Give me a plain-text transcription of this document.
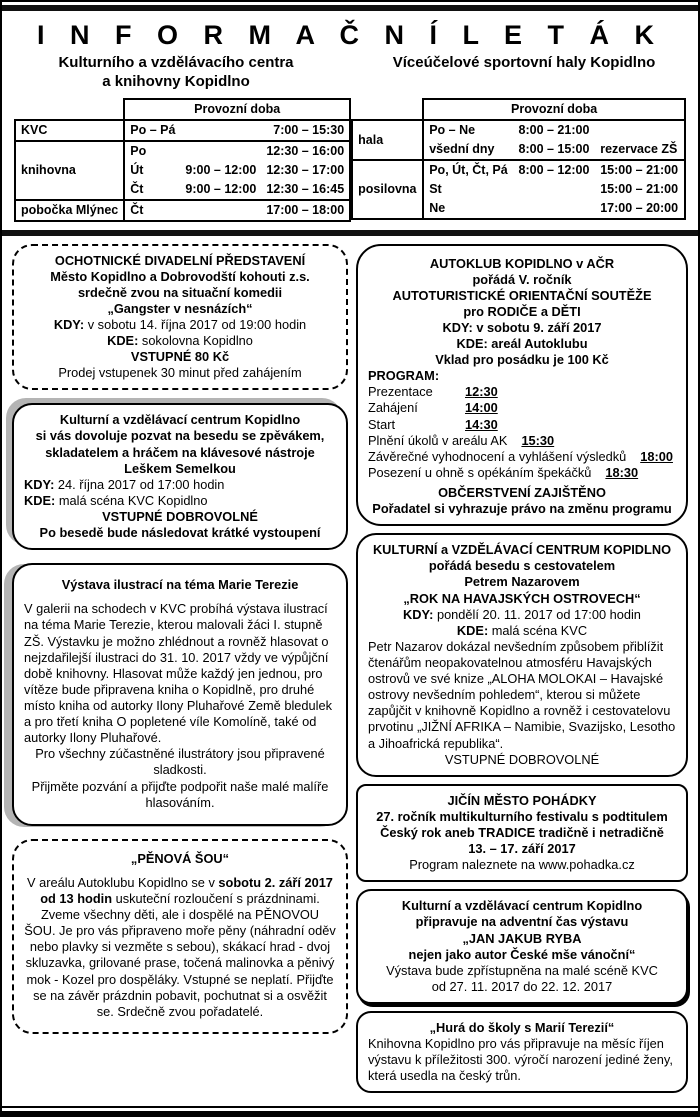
I N F O R M A Č N Í L E T Á K
Kulturního a vzdělávacího centra
a knihovny Kopidlno
Víceúčelové sportovní haly Kopidlno
	Provozní doba		
KVC	Po – Pá		7:00 – 15:30
knihovna	Po		12:30 – 16:00
	Út	9:00 – 12:00	12:30 – 17:00
	Čt	9:00 – 12:00	12:30 – 16:45
pobočka Mlýnec	Čt		17:00 – 18:00
	Provozní doba		
hala	Po – Ne	8:00 – 21:00	
	všední dny	8:00 – 15:00	rezervace ZŠ
posilovna	Po, Út, Čt, Pá	8:00 – 12:00	15:00 – 21:00
	St		15:00 – 21:00
	Ne		17:00 – 20:00
OCHOTNICKÉ DIVADELNÍ PŘEDSTAVENÍ
Město Kopidlno a Dobrovodští kohouti z.s.
srdečně zvou na situační komedii
„Gangster v nesnázích“
KDY: v sobotu 14. října 2017 od 19:00 hodin
KDE: sokolovna Kopidlno
VSTUPNÉ 80 Kč
Prodej vstupenek 30 minut před zahájením
Kulturní a vzdělávací centrum Kopidlno
si vás dovoluje pozvat na besedu se zpěvákem,
skladatelem a hráčem na klávesové nástroje
Leškem Semelkou
KDY: 24. října 2017 od 17:00 hodin
KDE: malá scéna KVC Kopidlno
VSTUPNÉ DOBROVOLNÉ
Po besedě bude následovat krátké vystoupení
Výstava ilustrací na téma Marie Terezie
V galerii na schodech v KVC probíhá výstava ilustrací na téma Marie Terezie, kterou malovali žáci I. stupně ZŠ. Výstavku je možno zhlédnout a rovněž hlasovat o nejzdařilejší ilustraci do 31. 10. 2017 vždy ve výpůjční době knihovny. Hlasovat může každý jen jednou, pro vítěze bude připravena kniha o Kopidlně, pro druhé místo kniha od autorky Ilony Pluhařové Země bledulek a pro třetí kniha O popletené víle Komolíně, také od autorky Ilony Pluhařové.
Pro všechny zúčastněné ilustrátory jsou připravené sladkosti.
Přijměte pozvání a přijďte podpořit naše malé malíře hlasováním.
„PĚNOVÁ ŠOU“
V areálu Autoklubu Kopidlno se v sobotu 2. září 2017 od 13 hodin uskuteční rozloučení s prázdninami. Zveme všechny děti, ale i dospělé na PĚNOVOU ŠOU. Je pro vás připraveno moře pěny (náhradní oděv nebo plavky si vezměte s sebou), skákací hrad - dvoj skluzavka, grilované prase, točená malinovka a pěnivý mok - Kozel pro dospěláky. Vstupné se neplatí. Přijďte se na závěr prázdnin pobavit, pochutnat si a osvěžit se. Srdečně zvou pořadatelé.
AUTOKLUB KOPIDLNO v AČR
pořádá V. ročník
AUTOTURISTICKÉ ORIENTAČNÍ SOUTĚŽE
pro RODIČE a DĚTI
KDY: v sobotu 9. září 2017
KDE: areál Autoklubu
Vklad pro posádku je 100 Kč
PROGRAM:
Prezentace	12:30
Zahájení	14:00
Start	14:30
Plnění úkolů v areálu AK 15:30
Závěrečné vyhodnocení a vyhlášení výsledků 18:00
Posezení u ohně s opékáním špekáčků 18:30
OBČERSTVENÍ ZAJIŠTĚNO
Pořadatel si vyhrazuje právo na změnu programu
KULTURNÍ a VZDĚLÁVACÍ CENTRUM KOPIDLNO
pořádá besedu s cestovatelem
Petrem Nazarovem
„ROK NA HAVAJSKÝCH OSTROVECH“
KDY: pondělí 20. 11. 2017 od 17:00 hodin
KDE: malá scéna KVC
Petr Nazarov dokázal nevšedním způsobem přiblížit čtenářům neopakovatelnou atmosféru Havajských ostrovů ve své knize „ALOHA MOLOKAI – Havajské ostrovy nevšedním pohledem“, kterou si můžete zapůjčit v knihovně Kopidlno a rovněž i cestovatelovu prvotinu „JIŽNÍ AFRIKA – Namibie, Svazijsko, Lesotho a Jihoafrická republika“.
VSTUPNÉ DOBROVOLNÉ
JIČÍN MĚSTO POHÁDKY
27. ročník multikulturního festivalu s podtitulem
Český rok aneb TRADICE tradičně i netradičně
13. – 17. září 2017
Program naleznete na www.pohadka.cz
Kulturní a vzdělávací centrum Kopidlno
připravuje na adventní čas výstavu
„JAN JAKUB RYBA
nejen jako autor České mše vánoční“
Výstava bude zpřístupněna na malé scéně KVC
od 27. 11. 2017 do 22. 12. 2017
„Hurá do školy s Marií Terezií“
Knihovna Kopidlno pro vás připravuje na měsíc říjen výstavu k příležitosti 300. výročí narození jediné ženy, která usedla na český trůn.
